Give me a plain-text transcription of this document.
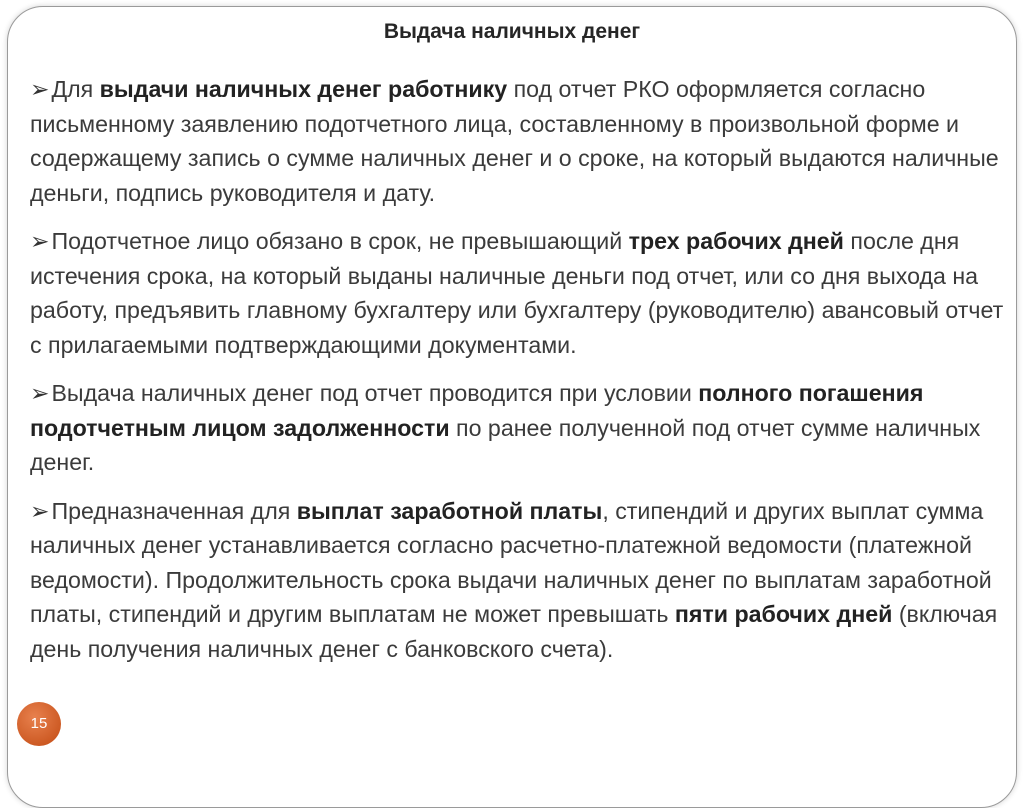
Выдача наличных денег

➢Для выдачи наличных денег работнику под отчет РКО оформляется согласно письменному заявлению подотчетного лица, составленному в произвольной форме и содержащему запись о сумме наличных денег и о сроке, на который выдаются наличные деньги, подпись руководителя и дату.

➢Подотчетное лицо обязано в срок, не превышающий трех рабочих дней после дня истечения срока, на который выданы наличные деньги под отчет, или со дня выхода на работу, предъявить главному бухгалтеру или бухгалтеру (руководителю) авансовый отчет с прилагаемыми подтверждающими документами.

➢Выдача наличных денег под отчет проводится при условии полного погашения подотчетным лицом задолженности по ранее полученной под отчет сумме наличных денег.

➢Предназначенная для выплат заработной платы, стипендий и других выплат сумма наличных денег устанавливается согласно расчетно-платежной ведомости (платежной ведомости). Продолжительность срока выдачи наличных денег по выплатам заработной платы, стипендий и другим выплатам не может превышать пяти рабочих дней (включая день получения наличных денег с банковского счета).

15
